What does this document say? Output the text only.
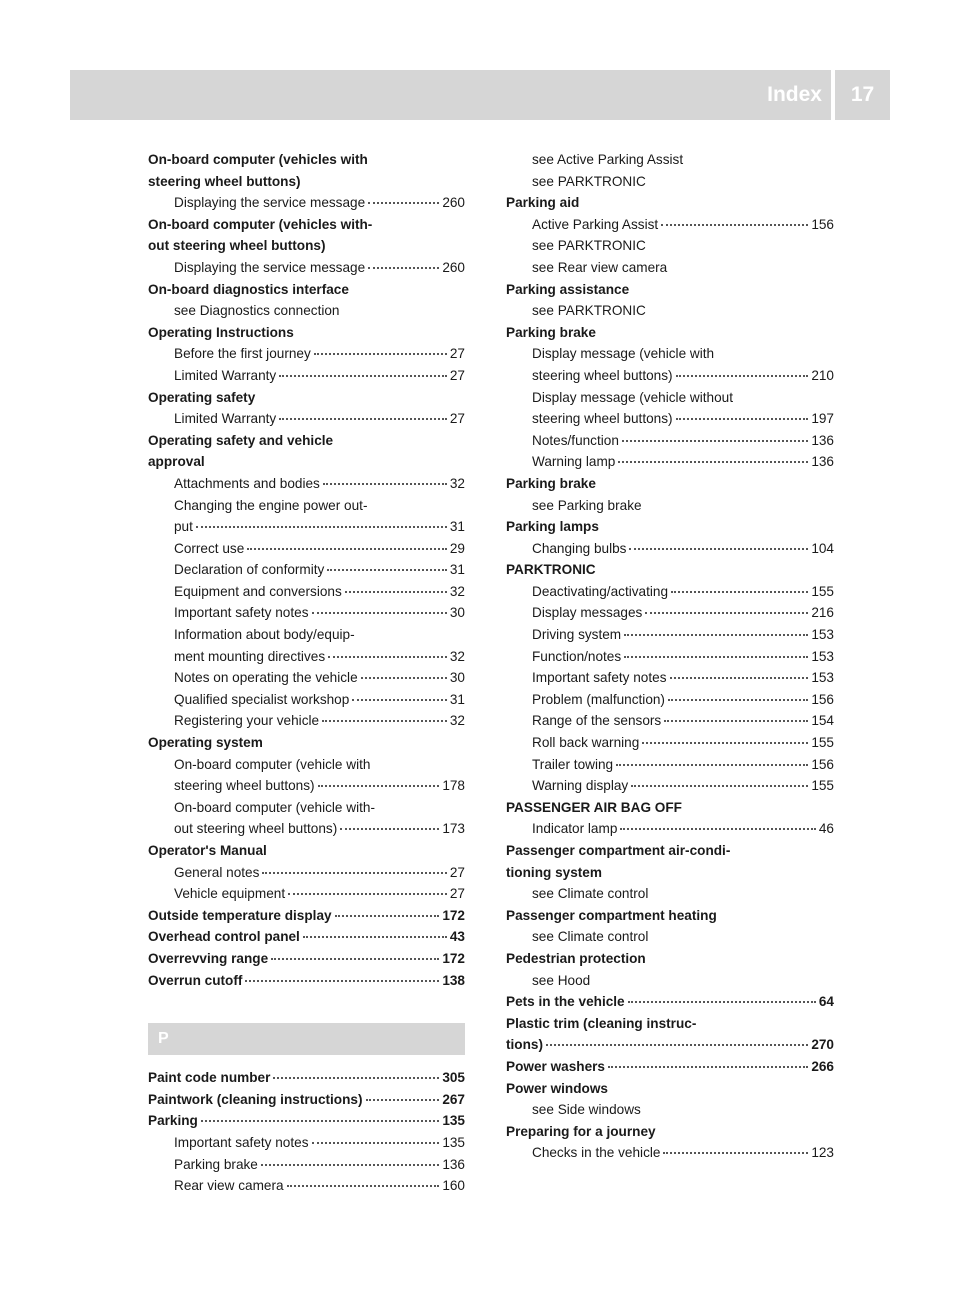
Index	17
On-board computer (vehicles with
steering wheel buttons)
Displaying the service message	260
On-board computer (vehicles with-
out steering wheel buttons)
Displaying the service message	260
On-board diagnostics interface
see Diagnostics connection
Operating Instructions
Before the first journey	27
Limited Warranty	27
Operating safety
Limited Warranty	27
Operating safety and vehicle
approval
Attachments and bodies	32
Changing the engine power out-
put	31
Correct use	29
Declaration of conformity	31
Equipment and conversions	32
Important safety notes	30
Information about body/equip-
ment mounting directives	32
Notes on operating the vehicle	30
Qualified specialist workshop	31
Registering your vehicle	32
Operating system
On-board computer (vehicle with
steering wheel buttons)	178
On-board computer (vehicle with-
out steering wheel buttons)	173
Operator's Manual
General notes	27
Vehicle equipment	27
Outside temperature display	172
Overhead control panel	43
Overrevving range	172
Overrun cutoff	138
P
Paint code number	305
Paintwork (cleaning instructions)	267
Parking	135
Important safety notes	135
Parking brake	136
Rear view camera	160
see Active Parking Assist
see PARKTRONIC
Parking aid
Active Parking Assist	156
see PARKTRONIC
see Rear view camera
Parking assistance
see PARKTRONIC
Parking brake
Display message (vehicle with
steering wheel buttons)	210
Display message (vehicle without
steering wheel buttons)	197
Notes/function	136
Warning lamp	136
Parking brake
see Parking brake
Parking lamps
Changing bulbs	104
PARKTRONIC
Deactivating/activating	155
Display messages	216
Driving system	153
Function/notes	153
Important safety notes	153
Problem (malfunction)	156
Range of the sensors	154
Roll back warning	155
Trailer towing	156
Warning display	155
PASSENGER AIR BAG OFF
Indicator lamp	46
Passenger compartment air-condi-
tioning system
see Climate control
Passenger compartment heating
see Climate control
Pedestrian protection
see Hood
Pets in the vehicle	64
Plastic trim (cleaning instruc-
tions)	270
Power washers	266
Power windows
see Side windows
Preparing for a journey
Checks in the vehicle	123
